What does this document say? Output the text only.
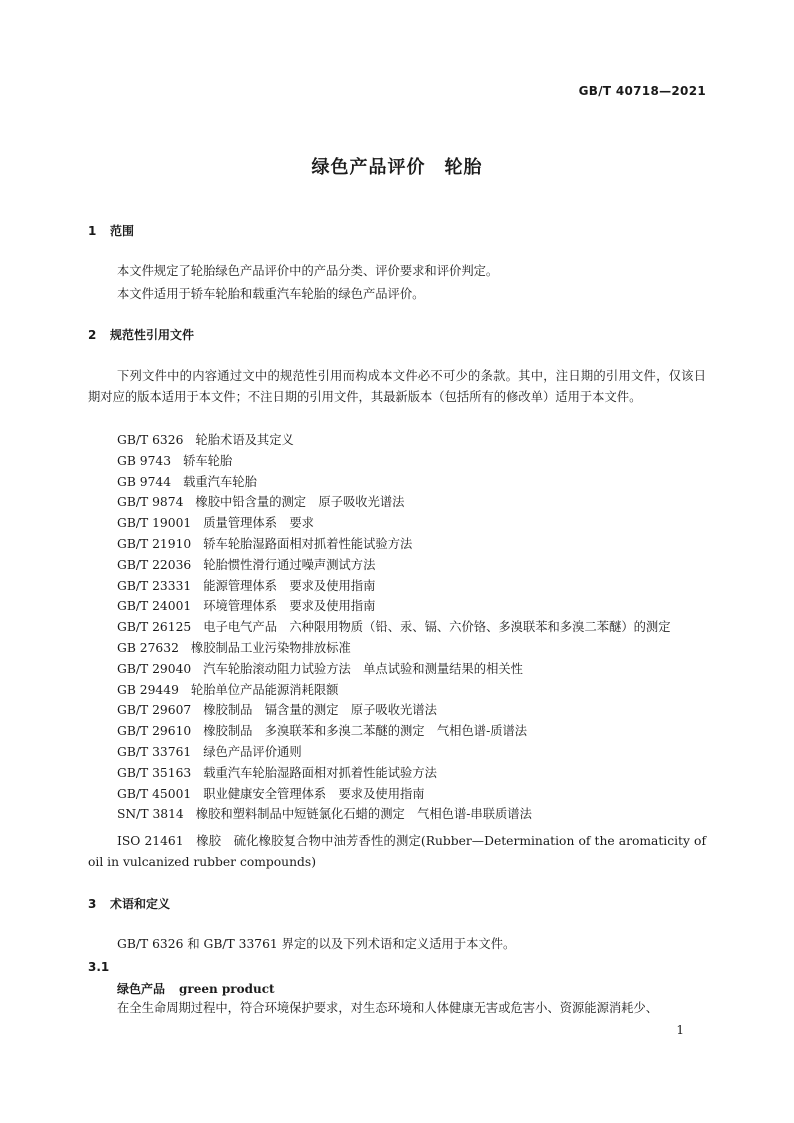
GB/T 40718—2021
绿色产品评价　轮胎
1 范围

本文件规定了轮胎绿色产品评价中的产品分类、评价要求和评价判定。

本文件适用于轿车轮胎和载重汽车轮胎的绿色产品评价。

2 规范性引用文件

下列文件中的内容通过文中的规范性引用而构成本文件必不可少的条款。其中，注日期的引用文件，仅该日期对应的版本适用于本文件；不注日期的引用文件，其最新版本（包括所有的修改单）适用于本文件。

GB/T 6326 轮胎术语及其定义
GB 9743 轿车轮胎
GB 9744 载重汽车轮胎
GB/T 9874 橡胶中铅含量的测定　原子吸收光谱法
GB/T 19001 质量管理体系　要求
GB/T 21910 轿车轮胎湿路面相对抓着性能试验方法
GB/T 22036 轮胎惯性滑行通过噪声测试方法
GB/T 23331 能源管理体系　要求及使用指南
GB/T 24001 环境管理体系　要求及使用指南
GB/T 26125 电子电气产品　六种限用物质（铅、汞、镉、六价铬、多溴联苯和多溴二苯醚）的测定
GB 27632 橡胶制品工业污染物排放标准
GB/T 29040 汽车轮胎滚动阻力试验方法　单点试验和测量结果的相关性
GB 29449 轮胎单位产品能源消耗限额
GB/T 29607 橡胶制品　镉含量的测定　原子吸收光谱法
GB/T 29610 橡胶制品　多溴联苯和多溴二苯醚的测定　气相色谱-质谱法
GB/T 33761 绿色产品评价通则
GB/T 35163 载重汽车轮胎湿路面相对抓着性能试验方法
GB/T 45001 职业健康安全管理体系　要求及使用指南
SN/T 3814 橡胶和塑料制品中短链氯化石蜡的测定　气相色谱-串联质谱法

ISO 21461　橡胶　硫化橡胶复合物中油芳香性的测定(Rubber—Determination of the aromaticity of oil in vulcanized rubber compounds)

3 术语和定义

GB/T 6326 和 GB/T 33761 界定的以及下列术语和定义适用于本文件。

3.1
绿色产品 green product

在全生命周期过程中，符合环境保护要求，对生态环境和人体健康无害或危害小、资源能源消耗少、

1
